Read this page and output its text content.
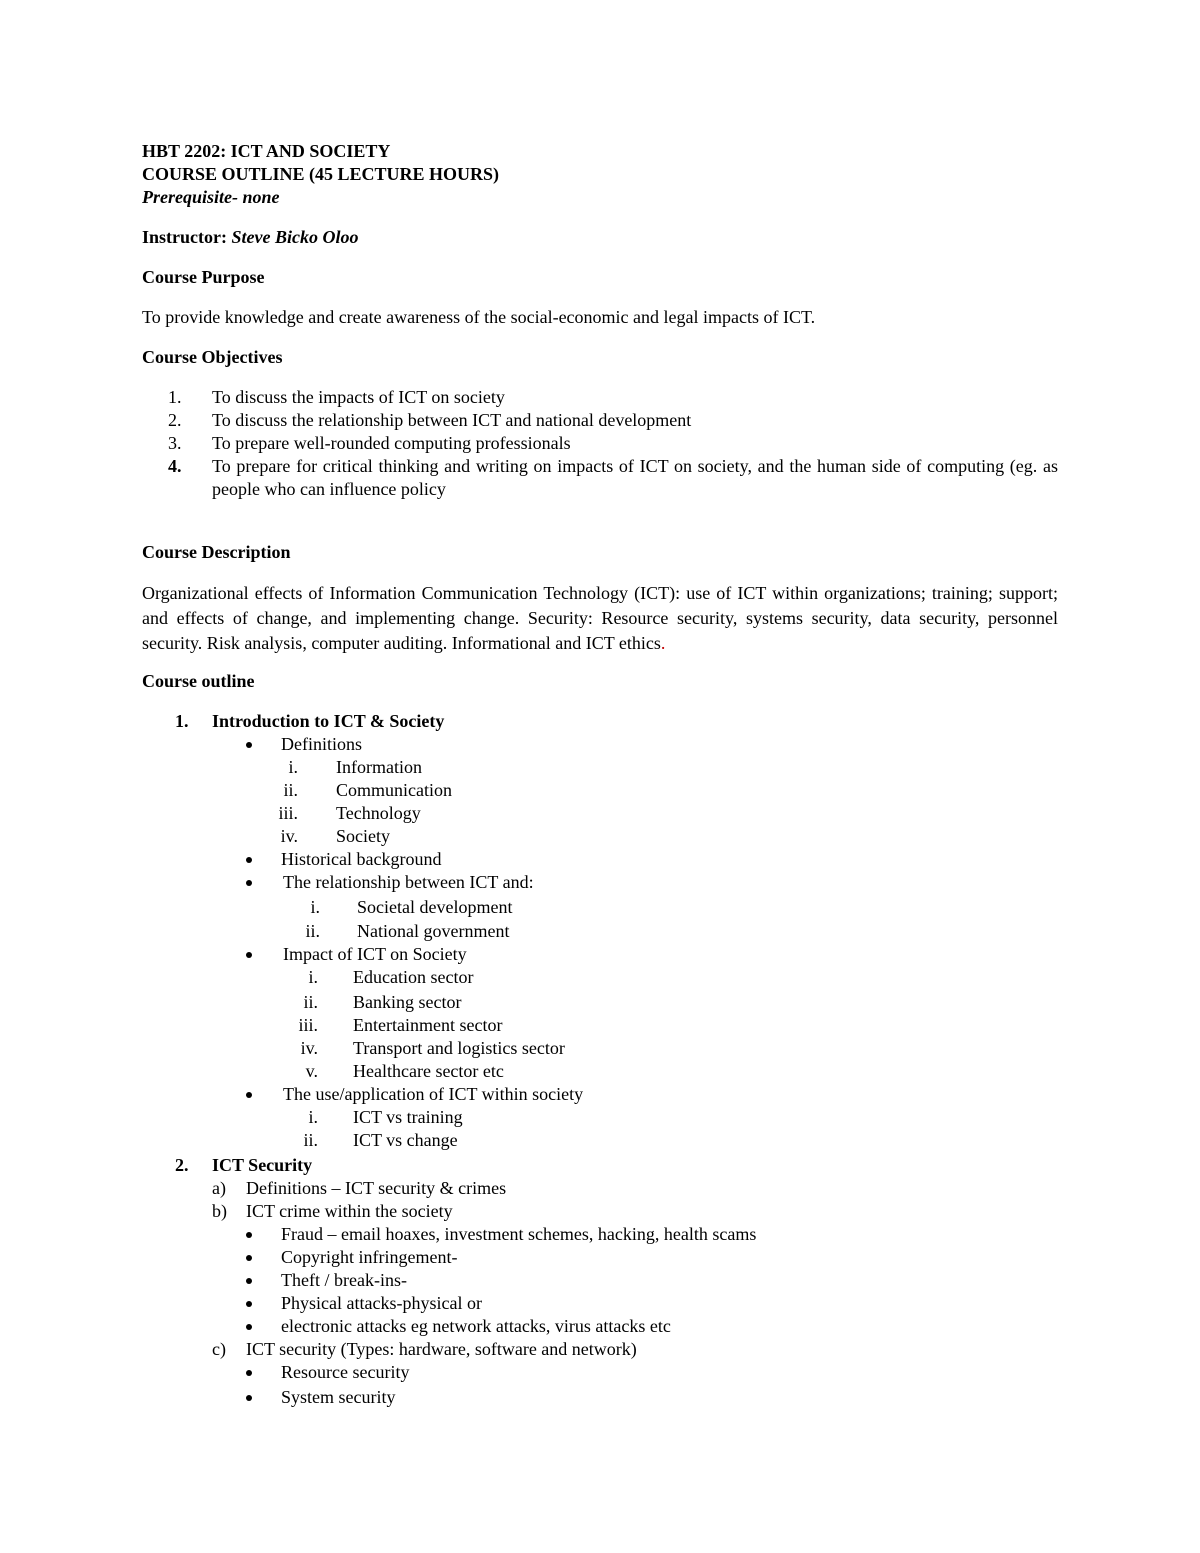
HBT 2202: ICT AND SOCIETY

COURSE OUTLINE (45 LECTURE HOURS)

Prerequisite- none

Instructor: Steve Bicko Oloo

Course Purpose

To provide knowledge and create awareness of the social-economic and legal impacts of ICT.

Course Objectives

1.	To discuss the impacts of ICT on society
2.	To discuss the relationship between ICT and national development
3.	To prepare well-rounded computing professionals
4.	To prepare for critical thinking and writing on impacts of ICT on society, and the human side of computing (eg. as people who can influence policy

Course Description

Organizational effects of Information Communication Technology (ICT): use of ICT within organizations; training; support; and effects of change, and implementing change. Security: Resource security, systems security, data security, personnel security. Risk analysis, computer auditing. Informational and ICT ethics.

Course outline

1. Introduction to ICT & Society
Definitions
i. Information
ii. Communication
iii. Technology
iv. Society
Historical background
The relationship between ICT and:
i. Societal development
ii. National government
Impact of ICT on Society
i. Education sector
ii. Banking sector
iii. Entertainment sector
iv. Transport and logistics sector
v. Healthcare sector etc
The use/application of ICT within society
i. ICT vs training
ii. ICT vs change
2. ICT Security
a) Definitions – ICT security & crimes
b) ICT crime within the society
Fraud – email hoaxes, investment schemes, hacking, health scams
Copyright infringement-
Theft / break-ins-
Physical attacks-physical or
electronic attacks eg network attacks, virus attacks etc
c) ICT security (Types: hardware, software and network)
Resource security
System security
